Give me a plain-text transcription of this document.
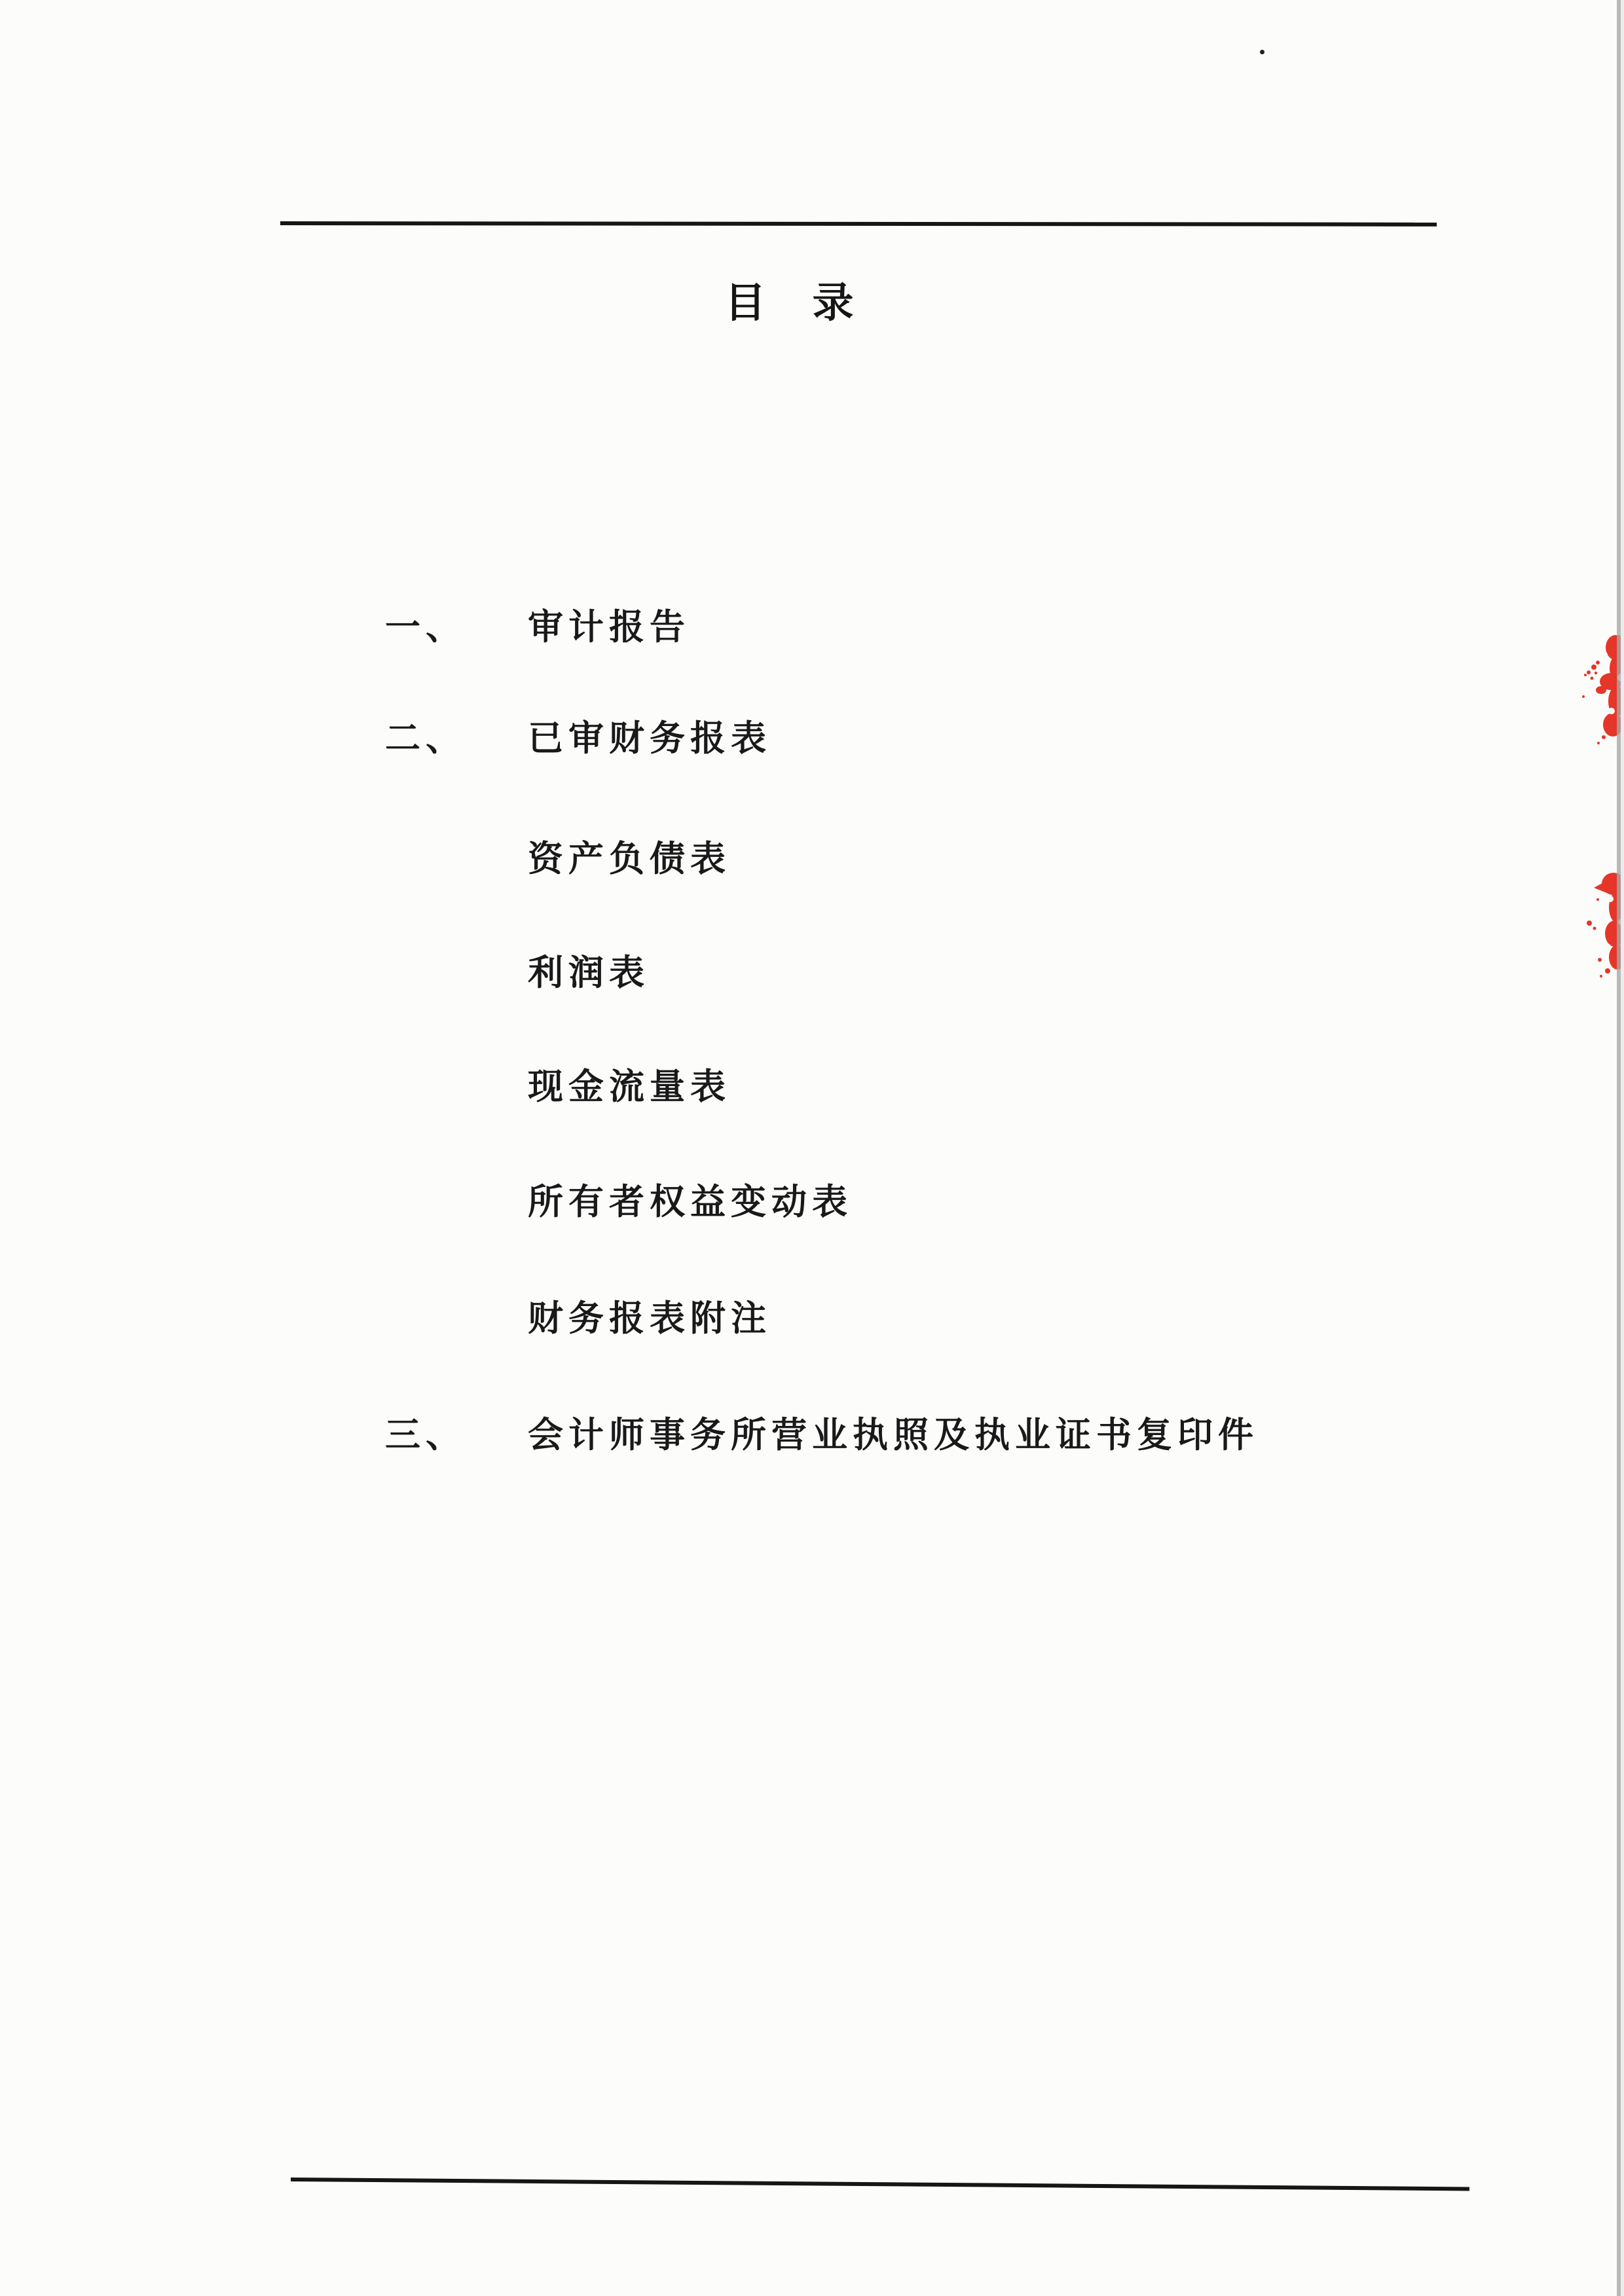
目　录
一、 审计报告
二、 已审财务报表
资产负债表
利润表
现金流量表
所有者权益变动表
财务报表附注
三、 会计师事务所营业执照及执业证书复印件
